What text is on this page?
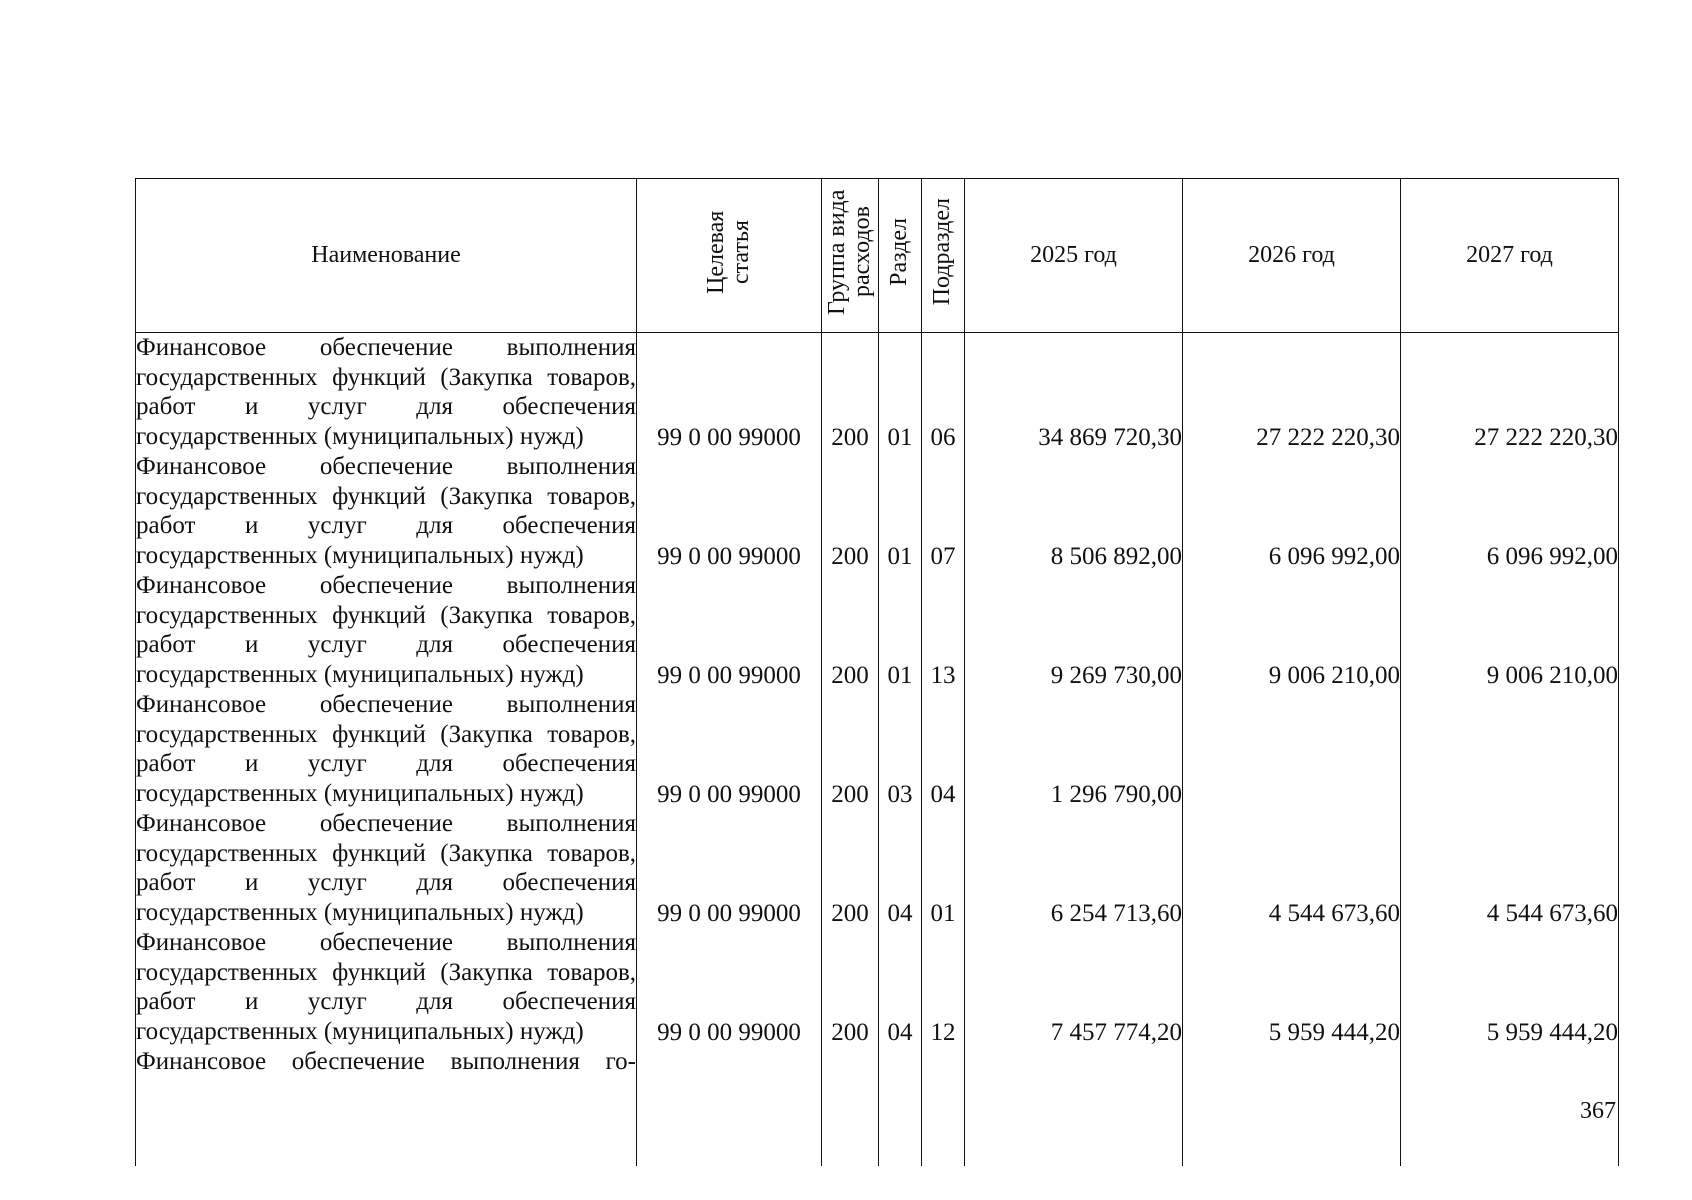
Наименование	Целевая статья	Группа вида расходов	Раздел	Подраздел	2025 год	2026 год	2027 год

Финансовое обеспечение выполнения государственных функций (Закупка товаров, работ и услуг для обеспечения государственных (муниципальных) нужд)	99 0 00 99000	200	01	06	34 869 720,30	27 222 220,30	27 222 220,30

Финансовое обеспечение выполнения государственных функций (Закупка товаров, работ и услуг для обеспечения государственных (муниципальных) нужд)	99 0 00 99000	200	01	07	8 506 892,00	6 096 992,00	6 096 992,00

Финансовое обеспечение выполнения государственных функций (Закупка товаров, работ и услуг для обеспечения государственных (муниципальных) нужд)	99 0 00 99000	200	01	13	9 269 730,00	9 006 210,00	9 006 210,00

Финансовое обеспечение выполнения государственных функций (Закупка товаров, работ и услуг для обеспечения государственных (муниципальных) нужд)	99 0 00 99000	200	03	04	1 296 790,00		

Финансовое обеспечение выполнения государственных функций (Закупка товаров, работ и услуг для обеспечения государственных (муниципальных) нужд)	99 0 00 99000	200	04	01	6 254 713,60	4 544 673,60	4 544 673,60

Финансовое обеспечение выполнения государственных функций (Закупка товаров, работ и услуг для обеспечения государственных (муниципальных) нужд)	99 0 00 99000	200	04	12	7 457 774,20	5 959 444,20	5 959 444,20
Финансовое обеспечение выполнения го-							
367
